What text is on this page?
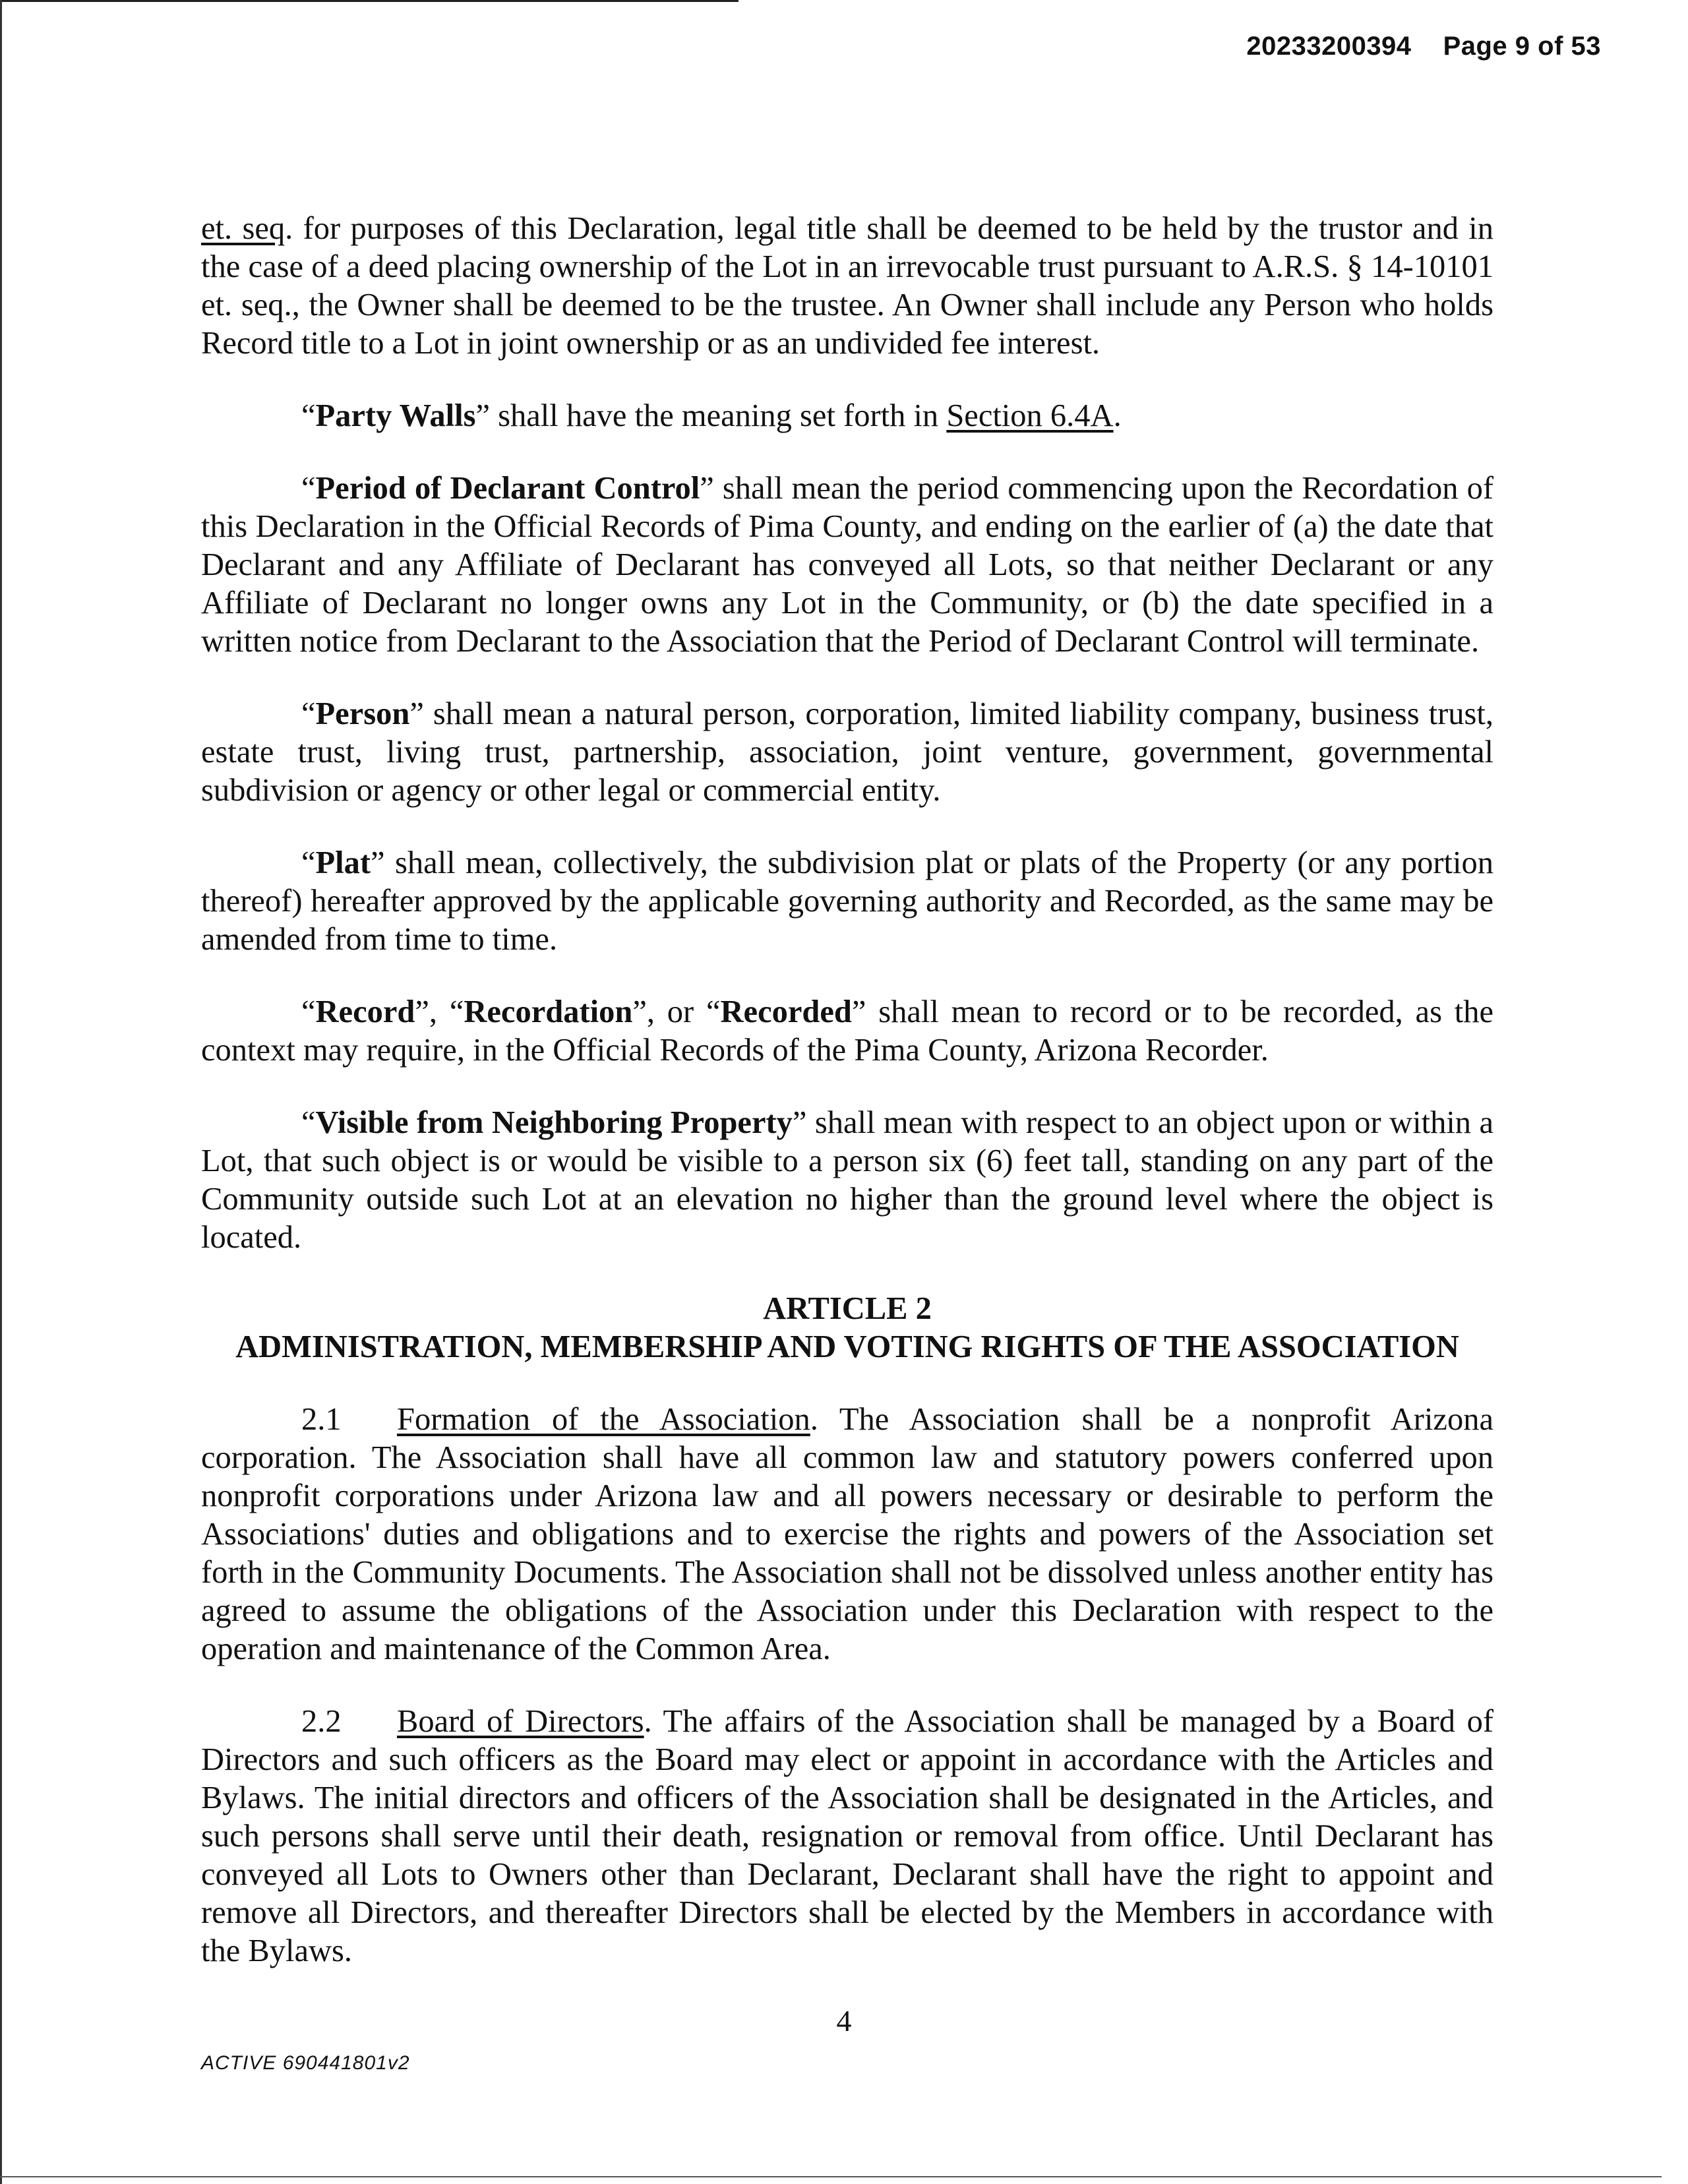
20233200394 Page 9 of 53

et. seq. for purposes of this Declaration, legal title shall be deemed to be held by the trustor and in the case of a deed placing ownership of the Lot in an irrevocable trust pursuant to A.R.S. § 14-10101 et. seq., the Owner shall be deemed to be the trustee. An Owner shall include any Person who holds Record title to a Lot in joint ownership or as an undivided fee interest.

“Party Walls” shall have the meaning set forth in Section 6.4A.

“Period of Declarant Control” shall mean the period commencing upon the Recordation of this Declaration in the Official Records of Pima County, and ending on the earlier of (a) the date that Declarant and any Affiliate of Declarant has conveyed all Lots, so that neither Declarant or any Affiliate of Declarant no longer owns any Lot in the Community, or (b) the date specified in a written notice from Declarant to the Association that the Period of Declarant Control will terminate.

“Person” shall mean a natural person, corporation, limited liability company, business trust, estate trust, living trust, partnership, association, joint venture, government, governmental subdivision or agency or other legal or commercial entity.

“Plat” shall mean, collectively, the subdivision plat or plats of the Property (or any portion thereof) hereafter approved by the applicable governing authority and Recorded, as the same may be amended from time to time.

“Record”, “Recordation”, or “Recorded” shall mean to record or to be recorded, as the context may require, in the Official Records of the Pima County, Arizona Recorder.

“Visible from Neighboring Property” shall mean with respect to an object upon or within a Lot, that such object is or would be visible to a person six (6) feet tall, standing on any part of the Community outside such Lot at an elevation no higher than the ground level where the object is located.

ARTICLE 2
ADMINISTRATION, MEMBERSHIP AND VOTING RIGHTS OF THE ASSOCIATION

2.1 Formation of the Association. The Association shall be a nonprofit Arizona corporation. The Association shall have all common law and statutory powers conferred upon nonprofit corporations under Arizona law and all powers necessary or desirable to perform the Associations' duties and obligations and to exercise the rights and powers of the Association set forth in the Community Documents. The Association shall not be dissolved unless another entity has agreed to assume the obligations of the Association under this Declaration with respect to the operation and maintenance of the Common Area.

2.2 Board of Directors. The affairs of the Association shall be managed by a Board of Directors and such officers as the Board may elect or appoint in accordance with the Articles and Bylaws. The initial directors and officers of the Association shall be designated in the Articles, and such persons shall serve until their death, resignation or removal from office. Until Declarant has conveyed all Lots to Owners other than Declarant, Declarant shall have the right to appoint and remove all Directors, and thereafter Directors shall be elected by the Members in accordance with the Bylaws.

4
ACTIVE 690441801v2
